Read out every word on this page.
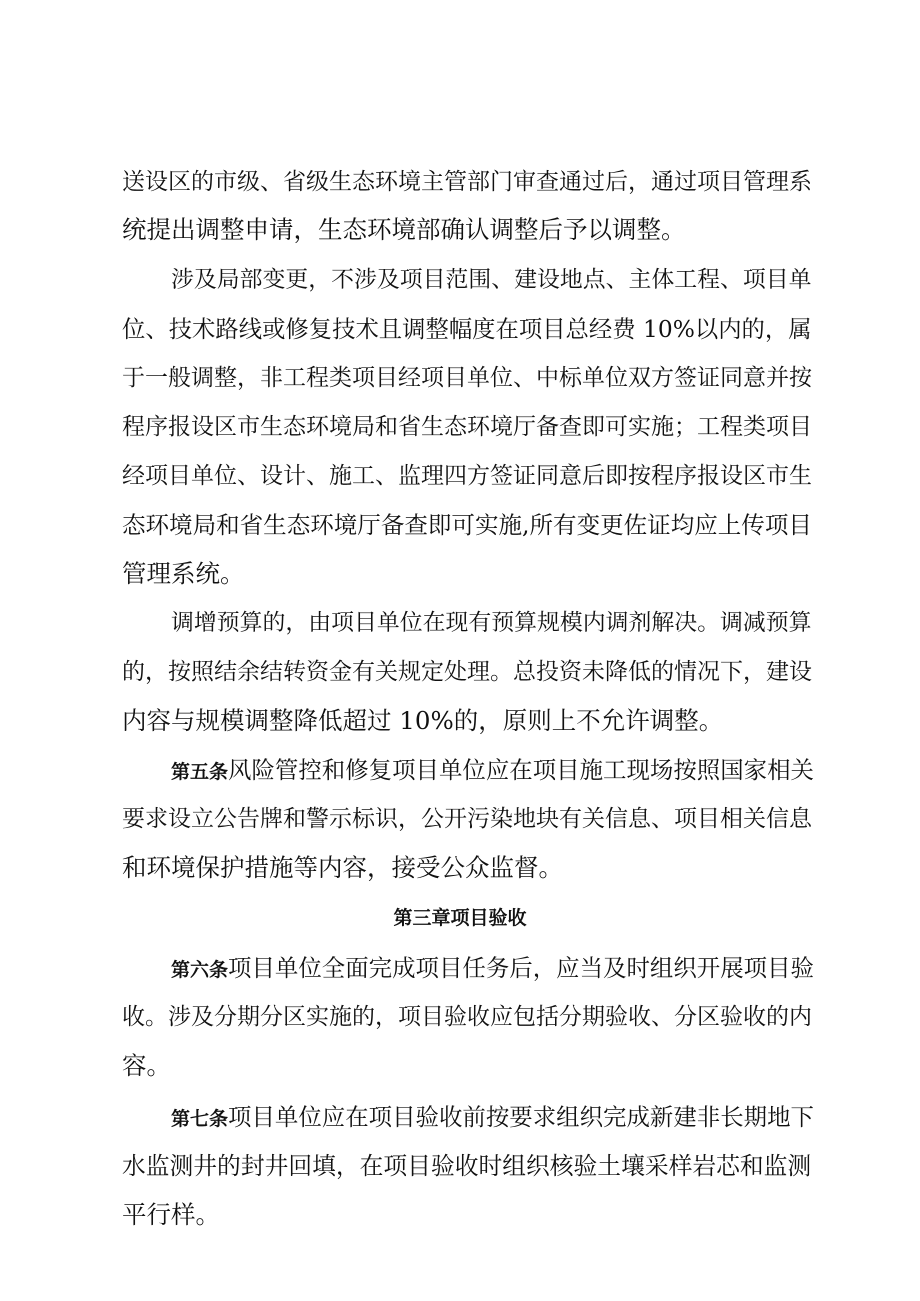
送设区的市级、省级生态环境主管部门审查通过后，通过项目管理系
统提出调整申请，生态环境部确认调整后予以调整。
涉及局部变更，不涉及项目范围、建设地点、主体工程、项目单
位、技术路线或修复技术且调整幅度在项目总经费 10%以内的，属
于一般调整，非工程类项目经项目单位、中标单位双方签证同意并按
程序报设区市生态环境局和省生态环境厅备查即可实施；工程类项目
经项目单位、设计、施工、监理四方签证同意后即按程序报设区市生
态环境局和省生态环境厅备查即可实施,所有变更佐证均应上传项目
管理系统。
调增预算的，由项目单位在现有预算规模内调剂解决。调减预算
的，按照结余结转资金有关规定处理。总投资未降低的情况下，建设
内容与规模调整降低超过 10%的，原则上不允许调整。
第五条风险管控和修复项目单位应在项目施工现场按照国家相关
要求设立公告牌和警示标识，公开污染地块有关信息、项目相关信息
和环境保护措施等内容，接受公众监督。
第三章项目验收
第六条项目单位全面完成项目任务后，应当及时组织开展项目验
收。涉及分期分区实施的，项目验收应包括分期验收、分区验收的内
容。
第七条项目单位应在项目验收前按要求组织完成新建非长期地下
水监测井的封井回填，在项目验收时组织核验土壤采样岩芯和监测
平行样。
